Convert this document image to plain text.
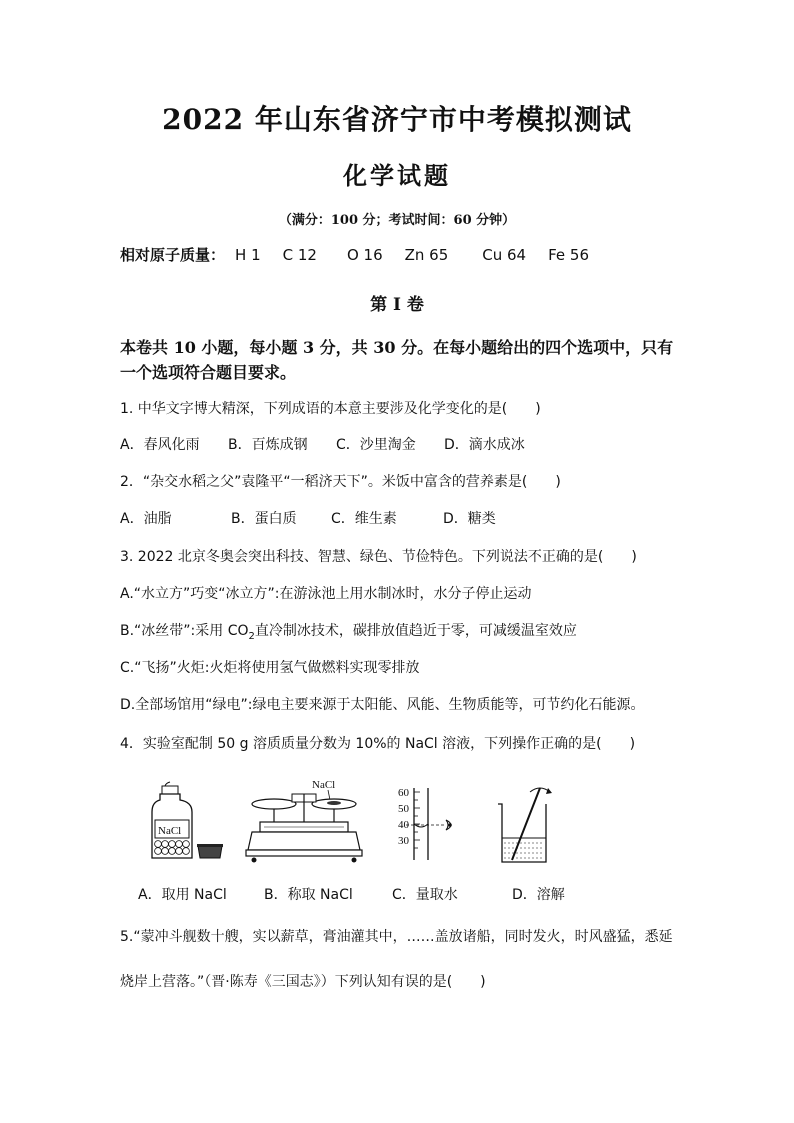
2022 年山东省济宁市中考模拟测试
化学试题
（满分：100 分；考试时间：60 分钟）
相对原子质量： H 1 C 12 O 16 Zn 65 Cu 64 Fe 56
第 I 卷
本卷共 10 小题，每小题 3 分，共 30 分。在每小题给出的四个选项中，只有一个选项符合题目要求。
1. 中华文字博大精深，下列成语的本意主要涉及化学变化的是(　　)
A．春风化雨 B．百炼成钢 C．沙里淘金 D．滴水成冰
2．“杂交水稻之父”袁隆平“一稻济天下”。米饭中富含的营养素是(　　)
A．油脂	B．蛋白质 C．维生素	D．糖类
3. 2022 北京冬奥会突出科技、智慧、绿色、节俭特色。下列说法不正确的是(　　)
A.“水立方”巧变“冰立方”:在游泳池上用水制冰时，水分子停止运动
B.“冰丝带”:采用 $CO_2$直冷制冰技术，碳排放值趋近于零，可减缓温室效应
C.“飞扬”火炬:火炬将使用氢气做燃料实现零排放
D.全部场馆用“绿电”:绿电主要来源于太阳能、风能、生物质能等，可节约化石能源。
4．实验室配制 50 g 溶质质量分数为 10%的 NaCl 溶液，下列操作正确的是(　　)
NaCl
NaCl
60
50
40
30
A．取用 NaCl	B．称取 NaCl	C．量取水	D．溶解
5.“蒙冲斗舰数十艘，实以薪草，膏油灌其中，……盖放诸船，同时发火，时风盛猛，悉延
烧岸上营落。”（晋·陈寿《三国志》）下列认知有误的是(　　)
